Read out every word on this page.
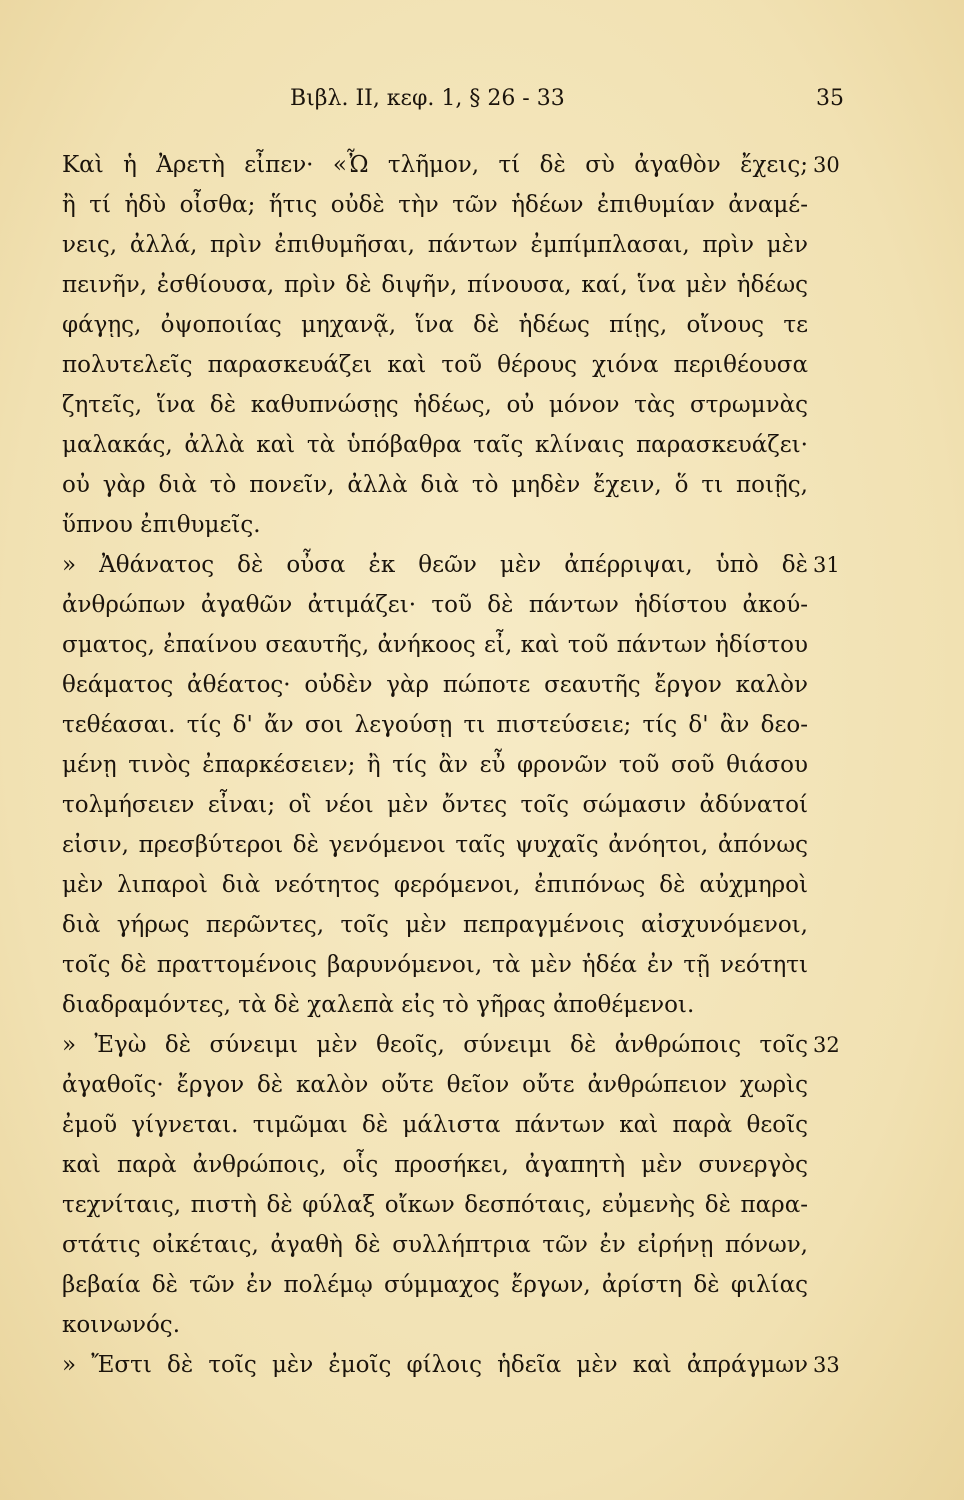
Βιβλ. ΙΙ, κεφ. 1, § 26 - 33	35
Καὶ ἡ Ἀρετὴ εἶπεν· «Ὦ τλῆμον, τί δὲ σὺ ἀγαθὸν ἔχεις; 30
ἢ τί ἡδὺ οἶσθα; ἥτις οὐδὲ τὴν τῶν ἡδέων ἐπιθυμίαν ἀναμέ-
νεις, ἀλλά, πρὶν ἐπιθυμῆσαι, πάντων ἐμπίμπλασαι, πρὶν μὲν
πεινῆν, ἐσθίουσα, πρὶν δὲ διψῆν, πίνουσα, καί, ἵνα μὲν ἡδέως
φάγῃς, ὀψοποιίας μηχανᾷ, ἵνα δὲ ἡδέως πίῃς, οἴνους τε
πολυτελεῖς παρασκευάζει καὶ τοῦ θέρους χιόνα περιθέουσα
ζητεῖς, ἵνα δὲ καθυπνώσῃς ἡδέως, οὐ μόνον τὰς στρωμνὰς
μαλακάς, ἀλλὰ καὶ τὰ ὑπόβαθρα ταῖς κλίναις παρασκευάζει·
οὐ γὰρ διὰ τὸ πονεῖν, ἀλλὰ διὰ τὸ μηδὲν ἔχειν, ὅ τι ποιῇς,
ὕπνου ἐπιθυμεῖς.
» Ἀθάνατος δὲ οὖσα ἐκ θεῶν μὲν ἀπέρριψαι, ὑπὸ δὲ 31
ἀνθρώπων ἀγαθῶν ἀτιμάζει· τοῦ δὲ πάντων ἡδίστου ἀκού-
σματος, ἐπαίνου σεαυτῆς, ἀνήκοος εἶ, καὶ τοῦ πάντων ἡδίστου
θεάματος ἀθέατος· οὐδὲν γὰρ πώποτε σεαυτῆς ἔργον καλὸν
τεθέασαι. τίς δ' ἄν σοι λεγούσῃ τι πιστεύσειε; τίς δ' ἂν δεο-
μένῃ τινὸς ἐπαρκέσειεν; ἢ τίς ἂν εὖ φρονῶν τοῦ σοῦ θιάσου
τολμήσειεν εἶναι; οἳ νέοι μὲν ὄντες τοῖς σώμασιν ἀδύνατοί
εἰσιν, πρεσβύτεροι δὲ γενόμενοι ταῖς ψυχαῖς ἀνόητοι, ἀπόνως
μὲν λιπαροὶ διὰ νεότητος φερόμενοι, ἐπιπόνως δὲ αὐχμηροὶ
διὰ γήρως περῶντες, τοῖς μὲν πεπραγμένοις αἰσχυνόμενοι,
τοῖς δὲ πραττομένοις βαρυνόμενοι, τὰ μὲν ἡδέα ἐν τῇ νεότητι
διαδραμόντες, τὰ δὲ χαλεπὰ εἰς τὸ γῆρας ἀποθέμενοι.
» Ἐγὼ δὲ σύνειμι μὲν θεοῖς, σύνειμι δὲ ἀνθρώποις τοῖς 32
ἀγαθοῖς· ἔργον δὲ καλὸν οὔτε θεῖον οὔτε ἀνθρώπειον χωρὶς
ἐμοῦ γίγνεται. τιμῶμαι δὲ μάλιστα πάντων καὶ παρὰ θεοῖς
καὶ παρὰ ἀνθρώποις, οἷς προσήκει, ἀγαπητὴ μὲν συνεργὸς
τεχνίταις, πιστὴ δὲ φύλαξ οἴκων δεσπόταις, εὐμενὴς δὲ παρα-
στάτις οἰκέταις, ἀγαθὴ δὲ συλλήπτρια τῶν ἐν εἰρήνῃ πόνων,
βεβαία δὲ τῶν ἐν πολέμῳ σύμμαχος ἔργων, ἀρίστη δὲ φιλίας
κοινωνός.
» Ἔστι δὲ τοῖς μὲν ἐμοῖς φίλοις ἡδεῖα μὲν καὶ ἀπράγμων 33
